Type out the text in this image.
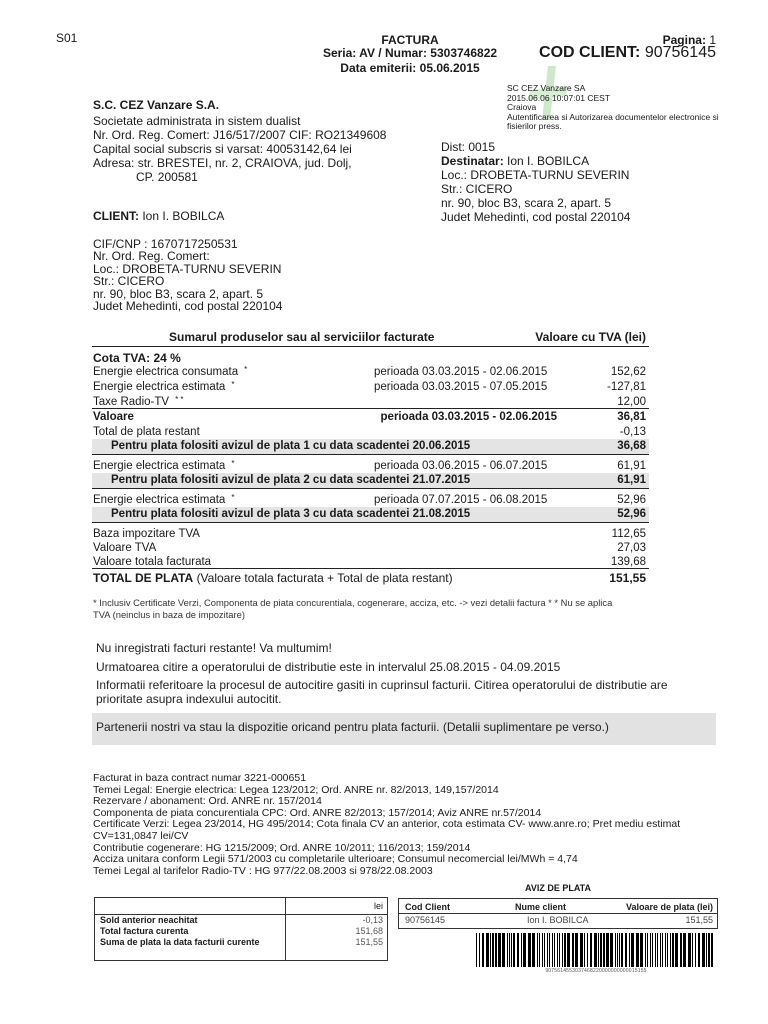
S01	FACTURA
Seria: AV / Numar: 5303746822
Data emiterii: 05.06.2015
Pagina: 1
COD CLIENT: 90756145
SC CEZ Vanzare SA
2015.06.06 10:07:01 CEST
Craiova
Autentificarea si Autorizarea documentelor electronice si
fisierilor press.
S.C. CEZ Vanzare S.A.
Societate administrata in sistem dualist
Nr. Ord. Reg. Comert: J16/517/2007 CIF: RO21349608
Capital social subscris si varsat: 40053142,64 lei
Adresa: str. BRESTEI, nr. 2, CRAIOVA, jud. Dolj,
CP. 200581
Dist: 0015
Destinatar: Ion I. BOBILCA
Loc.: DROBETA-TURNU SEVERIN
Str.: CICERO
nr. 90, bloc B3, scara 2, apart. 5
Judet Mehedinti, cod postal 220104
CLIENT: Ion I. BOBILCA
CIF/CNP : 1670717250531
Nr. Ord. Reg. Comert:
Loc.: DROBETA-TURNU SEVERIN
Str.: CICERO
nr. 90, bloc B3, scara 2, apart. 5
Judet Mehedinti, cod postal 220104
Sumarul produselor sau al serviciilor facturate	Valoare cu TVA (lei)
Cota TVA: 24 %
Energie electrica consumata *	perioada 03.03.2015 - 02.06.2015	152,62
Energie electrica estimata *	perioada 03.03.2015 - 07.05.2015	-127,81
Taxe Radio-TV * *	12,00
Valoare	perioada 03.03.2015 - 02.06.2015	36,81
Total de plata restant	-0,13
Pentru plata folositi avizul de plata 1 cu data scadentei 20.06.2015	36,68
Energie electrica estimata *	perioada 03.06.2015 - 06.07.2015	61,91
Pentru plata folositi avizul de plata 2 cu data scadentei 21.07.2015	61,91
Energie electrica estimata *	perioada 07.07.2015 - 06.08.2015	52,96
Pentru plata folositi avizul de plata 3 cu data scadentei 21.08.2015	52,96
Baza impozitare TVA	112,65
Valoare TVA	27,03
Valoare totala facturata	139,68
TOTAL DE PLATA (Valoare totala facturata + Total de plata restant)	151,55
* Inclusiv Certificate Verzi, Componenta de piata concurentiala, cogenerare, acciza, etc. -> vezi detalii factura * * Nu se aplica
TVA (neinclus in baza de impozitare)
Nu inregistrati facturi restante! Va multumim!
Urmatoarea citire a operatorului de distributie este in intervalul 25.08.2015 - 04.09.2015
Informatii referitoare la procesul de autocitire gasiti in cuprinsul facturii. Citirea operatorului de distributie are
prioritate asupra indexului autocitit.
Partenerii nostri va stau la dispozitie oricand pentru plata facturii. (Detalii suplimentare pe verso.)
Facturat in baza contract numar 3221-000651
Temei Legal: Energie electrica: Legea 123/2012; Ord. ANRE nr. 82/2013, 149,157/2014
Rezervare / abonament: Ord. ANRE nr. 157/2014
Componenta de piata concurentiala CPC: Ord. ANRE 82/2013; 157/2014; Aviz ANRE nr.57/2014
Certificate Verzi: Legea 23/2014, HG 495/2014; Cota finala CV an anterior, cota estimata CV- www.anre.ro; Pret mediu estimat
CV=131,0847 lei/CV
Contributie cogenerare: HG 1215/2009; Ord. ANRE 10/2011; 116/2013; 159/2014
Acciza unitara conform Legii 571/2003 cu completarile ulterioare; Consumul necomercial lei/MWh = 4,74
Temei Legal al tarifelor Radio-TV : HG 977/22.08.2003 si 978/22.08.2003
lei
Sold anterior neachitat	-0,13
Total factura curenta	151,68
Suma de plata la data facturii curente	151,55
AVIZ DE PLATA
Cod Client	Nume client	Valoare de plata (lei)
90756145	Ion I. BOBILCA	151,55
9075614553037468220000000000015155
